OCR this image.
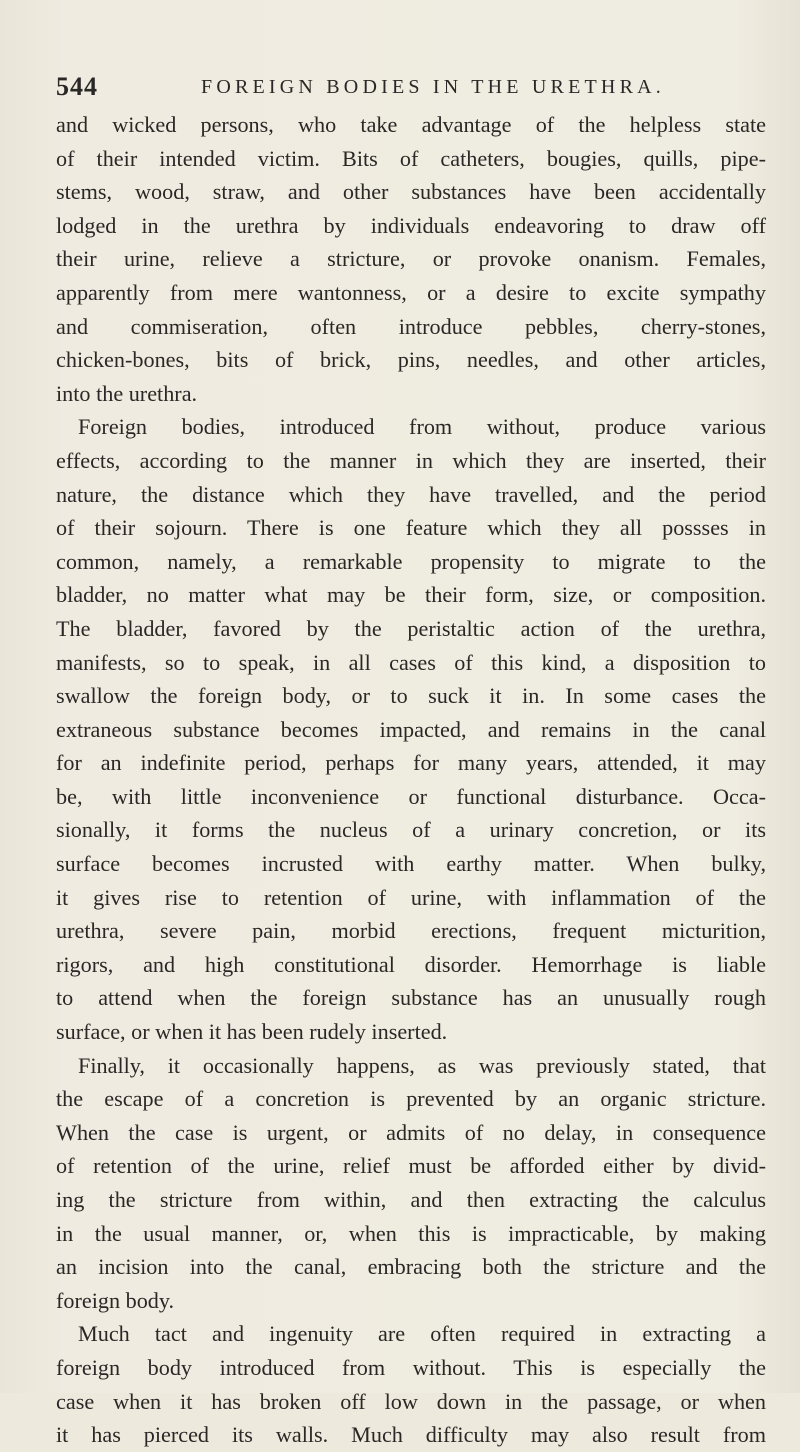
544	FOREIGN BODIES IN THE URETHRA.
and wicked persons, who take advantage of the helpless state
of their intended victim. Bits of catheters, bougies, quills, pipe-
stems, wood, straw, and other substances have been accidentally
lodged in the urethra by individuals endeavoring to draw off
their urine, relieve a stricture, or provoke onanism. Females,
apparently from mere wantonness, or a desire to excite sympathy
and commiseration, often introduce pebbles, cherry-stones,
chicken-bones, bits of brick, pins, needles, and other articles,
into the urethra.
Foreign bodies, introduced from without, produce various
effects, according to the manner in which they are inserted, their
nature, the distance which they have travelled, and the period
of their sojourn. There is one feature which they all possses in
common, namely, a remarkable propensity to migrate to the
bladder, no matter what may be their form, size, or composition.
The bladder, favored by the peristaltic action of the urethra,
manifests, so to speak, in all cases of this kind, a disposition to
swallow the foreign body, or to suck it in. In some cases the
extraneous substance becomes impacted, and remains in the canal
for an indefinite period, perhaps for many years, attended, it may
be, with little inconvenience or functional disturbance. Occa-
sionally, it forms the nucleus of a urinary concretion, or its
surface becomes incrusted with earthy matter. When bulky,
it gives rise to retention of urine, with inflammation of the
urethra, severe pain, morbid erections, frequent micturition,
rigors, and high constitutional disorder. Hemorrhage is liable
to attend when the foreign substance has an unusually rough
surface, or when it has been rudely inserted.
Finally, it occasionally happens, as was previously stated, that
the escape of a concretion is prevented by an organic stricture.
When the case is urgent, or admits of no delay, in consequence
of retention of the urine, relief must be afforded either by divid-
ing the stricture from within, and then extracting the calculus
in the usual manner, or, when this is impracticable, by making
an incision into the canal, embracing both the stricture and the
foreign body.
Much tact and ingenuity are often required in extracting a
foreign body introduced from without. This is especially the
case when it has broken off low down in the passage, or when
it has pierced its walls. Much difficulty may also result from
